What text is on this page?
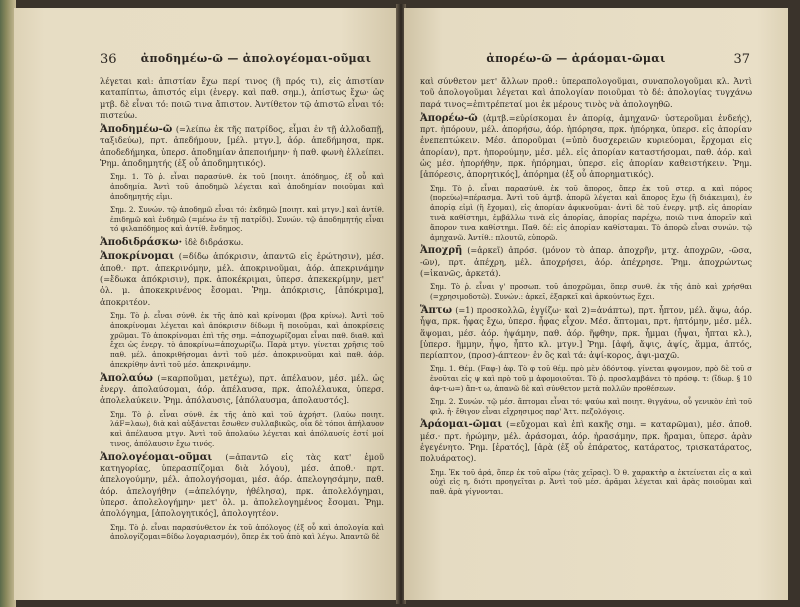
36	ἀποδημέω-ῶ — ἀπολογέομαι-οῦμαι

λέγεται καὶ: ἀπιστίαν ἔχω περί τινος (ἢ πρός τι), εἰς ἀπιστίαν καταπίπτω, ἀπιστός εἰμι (ἐνεργ. καὶ παθ. σημ.), ἀπίστως ἔχω· ὡς μτβ. δὲ εἶναι τό: ποιῶ τινα ἄπιστον. Ἀντίθετον τῷ ἀπιστῶ εἶναι τό: πιστεύω.

Ἀποδημέω-ῶ (=λείπω ἐκ τῆς πατρίδος, εἶμαι ἐν τῇ ἀλλοδαπῇ, ταξιδεύω), πρτ. ἀπεδήμουν, [μέλ. μτγν.], ἀόρ. ἀπεδήμησα, πρκ. ἀποδεδήμηκα, ὑπερσ. ἀποδημίαν ἀπεποιήμην· ἡ παθ. φωνὴ ἐλλείπει. Ῥημ. ἀποδημητής (ἐξ οὗ ἀποδημητικός).

Σημ. 1. Τὸ ῥ. εἶναι παρασύνθ. ἐκ τοῦ [ποιητ. ἀπόδημος, ἐξ οὗ καὶ ἀποδημία. Ἀντὶ τοῦ ἀποδημῶ λέγεται καὶ ἀποδημίαν ποιοῦμαι καὶ ἀποδημητής εἰμι.

Σημ. 2. Συνών. τῷ ἀποδημῶ εἶναι τό: ἐκδημῶ [ποιητ. καὶ μτγν.] καὶ ἀντίθ. ἐπιδημῶ καὶ ἐνδημῶ (=μένω ἐν τῇ πατρίδι). Συνών. τῷ ἀποδημητής εἶναι τό φιλαπόδημος καὶ ἀντίθ. ἔνδημος.

Ἀποδιδράσκω· ἰδὲ διδράσκω.

Ἀποκρίνομαι (=δίδω ἀπόκρισιν, ἀπαντῶ εἰς ἐρώτησιν), μέσ. ἀποθ.· πρτ. ἀπεκρινόμην, μέλ. ἀποκρινοῦμαι, ἀόρ. ἀπεκρινάμην (=ἔδωκα ἀπόκρισιν), πρκ. ἀποκέκριμαι, ὑπερσ. ἀπεκεκρίμην, μετ' ὀλ. μ. ἀποκεκρινένος ἔσομαι. Ῥημ. ἀπόκρισις, [ἀπόκριμα], ἀποκριτέον.

Σημ. Τὸ ῥ. εἶναι σύνθ. ἐκ τῆς ἀπὸ καὶ κρίνομαι (βρα κρίνω). Ἀντὶ τοῦ ἀποκρίνομαι λέγεται καὶ ἀπόκρισιν δίδωμι ἢ ποιοῦμαι, καὶ ἀποκρίσεις χρῶμαι. Τὸ ἀποκρίνομαι ἐπὶ τῆς σημ. =ἀποχωρίζομαι εἶναι παθ. διαθ. καὶ ἔχει ὡς ἐνεργ. τὸ ἀποκρίνω=ἀποχωρίζω. Παρὰ μτγν. γίνεται χρῆσις τοῦ παθ. μέλ. ἀποκριθήσομαι ἀντὶ τοῦ μέσ. ἀποκρινοῦμαι καὶ παθ. ἀόρ. ἀπεκρίθην ἀντὶ τοῦ μέσ. ἀπεκρινάμην.

Ἀπολαύω (=καρποῦμαι, μετέχω), πρτ. ἀπέλαυον, μέσ. μέλ. ὡς ἐνεργ. ἀπολαύσομαι, ἀόρ. ἀπέλαυσα, πρκ. ἀπολέλαυκα, ὑπερσ. ἀπολελαύκειν. Ῥημ. ἀπόλαυσις, [ἀπόλαυσμα, ἀπολαυστός].

Σημ. Τὸ ῥ. εἶναι σύνθ. ἐκ τῆς ἀπὸ καὶ τοῦ ἀχρήστ. (λαύω ποιητ. λάF=λαω), διὰ καὶ αὐξάνεται ἔσωθεν συλλαβικῶς, οἷα δὲ τόποι ἀπήλαυον καὶ ἀπέλαυσα μτγν. Ἀντὶ τοῦ ἀπολαύω λέγεται καὶ ἀπόλαυσίς ἐστί μοί τινος, ἀπόλαυσιν ἔχω τινός.

Ἀπολογέομαι-οῦμαι (=ἀπαντῶ εἰς τὰς κατ' ἐμοῦ κατηγορίας, ὑπερασπίζομαι διὰ λόγου), μέσ. ἀποθ.· πρτ. ἀπελογούμην, μέλ. ἀπολογήσομαι, μέσ. ἀόρ. ἀπελογησάμην, παθ. ἀόρ. ἀπελογήθην (=ἀπελόγην, ἠθέλησα), πρκ. ἀπολελόγημαι, ὑπερσ. ἀπολελογήμην· μετ' ὀλ. μ. ἀπολελογημένος ἔσομαι. Ῥημ. ἀπολόγημα, [ἀπολογητικός], ἀπολογητέον.

Σημ. Τὸ ῥ. εἶναι παρασύνθετον ἐκ τοῦ ἀπόλογος (ἐξ οὗ καὶ ἀπολογία καὶ ἀπολογίζομαι=δίδω λογαριασμόν), ὅπερ ἐκ τοῦ ἀπὸ καὶ λέγω. Ἀπαντῶ δὲ

37
ἀπορέω-ῶ — ἀράομαι-ῶμαι

καὶ σύνθετον μετ' ἄλλων προθ.: ὑπεραπολογοῦμαι, συναπολογοῦμαι κλ. Ἀντὶ τοῦ ἀπολογοῦμαι λέγεται καὶ ἀπολογίαν ποιοῦμαι τὸ δέ: ἀπολογίας τυγχάνω παρά τινος=ἐπιτρέπεταί μοι ἐκ μέρους τινὸς νὰ ἀπολογηθῶ.

Ἀπορέω-ῶ (ἀμτβ.=εὑρίσκομαι ἐν ἀπορίᾳ, ἀμηχανῶ· ὑστεροῦμαι ἐνδεής), πρτ. ἠπόρουν, μέλ. ἀπορήσω, ἀόρ. ἠπόρησα, πρκ. ἠπόρηκα, ὑπερσ. εἰς ἀπορίαν ἐνεπεπτώκειν. Μέσ. ἀποροῦμαι (=ὑπὸ δυσχερειῶν κυριεύομαι, ἔρχομαι εἰς ἀπορίαν), πρτ. ἠπορούμην, μέσ. μέλ. εἰς ἀπορίαν καταστήσομαι, παθ. ἀόρ. καὶ ὡς μέσ. ἠπορήθην, πρκ. ἠπόρημαι, ὑπερσ. εἰς ἀπορίαν καθειστήκειν. Ῥημ. [ἀπόρεσις, ἀπορητικός], ἀπόρημα (ἐξ οὗ ἀπορηματικός).

Σημ. Τὸ ῥ. εἶναι παρασύνθ. ἐκ τοῦ ἄπορος, ὅπερ ἐκ τοῦ στερ. α καὶ πόρος (πορεύω)=πέρασμα. Ἀντὶ τοῦ ἀμτβ. ἀπορῶ λέγεται καὶ ἄπορος ἔχω (ἢ διάκειμαι), ἐν ἀπορίᾳ εἰμὶ (ἢ ἔχομαι), εἰς ἀπορίαν ἀφικνοῦμαι· ἀντὶ δὲ τοῦ ἐνεργ. μτβ. εἰς ἀπορίαν τινὰ καθίστημι, ἐμβάλλω τινὰ εἰς ἀπορίας, ἀπορίας παρέχω, ποιῶ τινα ἀπορεῖν καὶ ἄπορον τινα καθίστημι. Παθ. δέ: εἰς ἀπορίαν καθίσταμαι. Τὸ ἀπορῶ εἶναι συνών. τῷ ἀμηχανῶ. Ἀντίθ.: πλουτῶ, εὐπορῶ.

Ἀποχρῆ (=ἀρκεῖ) ἀπρόσ. (μόνον τὸ ἀπαρ. ἀποχρῆν, μτχ. ἀποχρῶν, -ῶσα, -ῶν), πρτ. ἀπέχρη, μέλ. ἀποχρήσει, ἀόρ. ἀπέχρησε. Ῥημ. ἀποχρώντως (=ἱκανῶς, ἀρκετά).

Σημ. Τὸ ῥ. εἶναι γ' προσωπ. τοῦ ἀποχρῶμαι, ὅπερ συνθ. ἐκ τῆς ἀπὸ καὶ χρήσθαι (=χρησιμοδοτῶ). Συνών.: ἀρκεῖ, ἐξαρκεῖ καὶ ἀρκούντως ἔχει.

Ἅπτω (=1) προσκολλῶ, ἐγγίζω· καὶ 2)=ἀνάπτω), πρτ. ἧπτον, μέλ. ἅψω, ἀόρ. ἧψα, πρκ. ἧφας ἔχω, ὑπερσ. ἧφας εἶχον. Μέσ. ἅπτομαι, πρτ. ἡπτόμην, μέσ. μέλ. ἅψομαι, μέσ. ἀόρ. ἡψάμην, παθ. ἀόρ. ἥφθην, πρκ. ἧμμαι (ἧψαι, ἧπται κλ.), [ὑπερσ. ἥμμην, ἧψο, ἧπτο κλ. μτγν.] Ῥημ. [ἀφή, ἅψις, ἀψίς, ἅμμα, ἀπτός, περίαπτον, (προσ)-άπτεον· ἐν ὃς καὶ τά: ἀψί-κορος, ἀψι-μαχῶ.

Σημ. 1. Θέμ. (Fαφ-) ἀφ. Τὸ φ τοῦ θέμ. πρὸ μὲν ὀδόντοφ. γίνεται φψονμον, πρὸ δὲ τοῦ σ ἑνοῦται εἰς ψ καὶ πρὸ τοῦ μ ἀφομοιοῦται. Τὸ ῥ. προσλαμβάνει τὸ πρόσφ. τ: (ἴδωρ. § 10 ἀφ-τ-ω=) ἅπ-τ ω, ἀπανῶ δὲ καὶ σύνθετον μετὰ πολλῶν προθέσεων.

Σημ. 2. Συνών. τῷ μέσ. ἅπτομαι εἶναι τό: ψαύω καὶ ποιητ. θιγγάνω, οὗ γενικὸν ἐπὶ τοῦ φιλ. ἡ· ἔθιγον εἶναι εἴχρησιμος παρ' Ἀττ. πεζολόγοις.

Ἀράομαι-ῶμαι (=εὔχομαι καὶ ἐπὶ κακῆς σημ. = καταρῶμαι), μέσ. ἀποθ. μέσ.· πρτ. ἠρώμην, μέλ. ἀράσομαι, ἀόρ. ἠρασάμην, πρκ. ἤραμαι, ὑπερσ. ἀρὰν ἐγεγένητο. Ῥημ. [ἐρατός], [ἀρὰ (ἐξ οὗ ἐπάρατος, κατάρατος, τρισκατάρατος, πολυάρατος).

Σημ. Ἐκ τοῦ ἀρά, ὅπερ ἐκ τοῦ αἴρω (τὰς χεῖρας). Ὁ θ. χαρακτὴρ α ἐκτείνεται εἰς α καὶ οὐχὶ εἰς η, διότι προηγεῖται ρ. Ἀντὶ τοῦ μέσ. ἀρᾶμαι λέγεται καὶ ἀρὰς ποιοῦμαι καὶ παθ. ἀρὰ γίγνονται.
